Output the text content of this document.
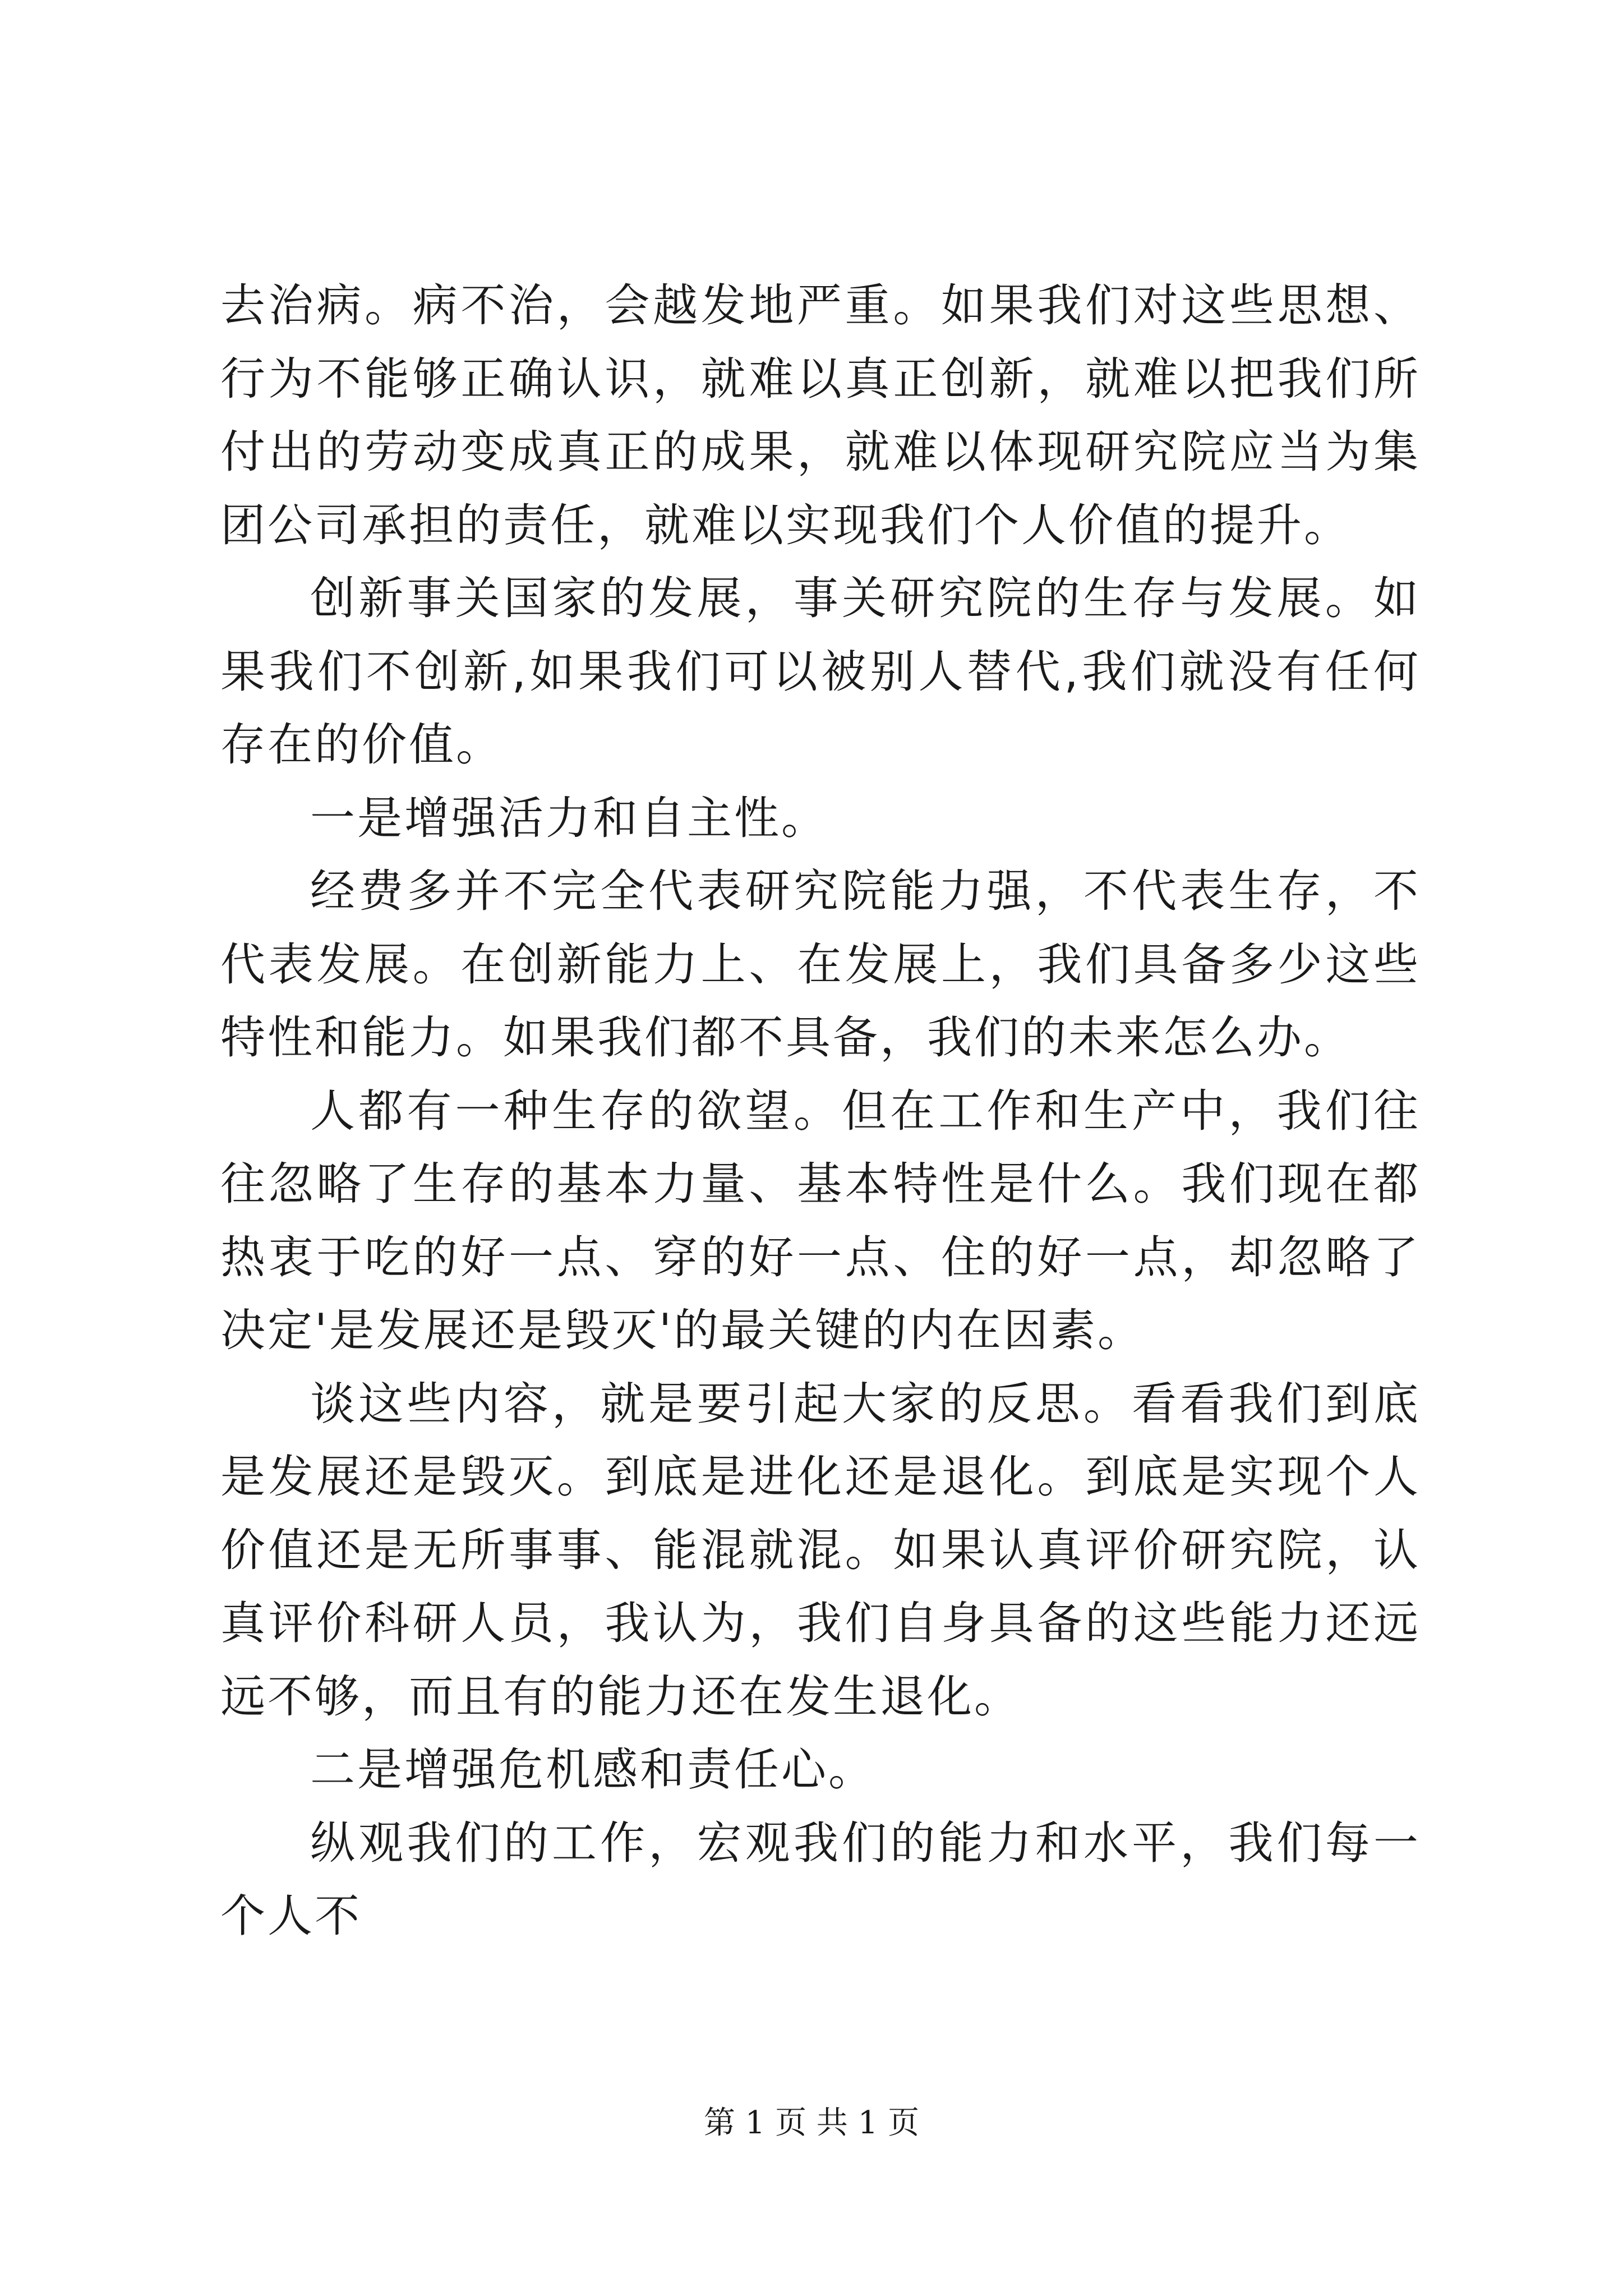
去治病。病不治，会越发地严重。如果我们对这些思想、行为不能够正确认识，就难以真正创新，就难以把我们所付出的劳动变成真正的成果，就难以体现研究院应当为集团公司承担的责任，就难以实现我们个人价值的提升。

创新事关国家的发展，事关研究院的生存与发展。如果我们不创新,如果我们可以被别人替代,我们就没有任何存在的价值。

一是增强活力和自主性。

经费多并不完全代表研究院能力强，不代表生存，不代表发展。在创新能力上、在发展上，我们具备多少这些特性和能力。如果我们都不具备，我们的未来怎么办。

人都有一种生存的欲望。但在工作和生产中，我们往往忽略了生存的基本力量、基本特性是什么。我们现在都热衷于吃的好一点、穿的好一点、住的好一点，却忽略了决定'是发展还是毁灭'的最关键的内在因素。

谈这些内容，就是要引起大家的反思。看看我们到底是发展还是毁灭。到底是进化还是退化。到底是实现个人价值还是无所事事、能混就混。如果认真评价研究院，认真评价科研人员，我认为，我们自身具备的这些能力还远远不够，而且有的能力还在发生退化。

二是增强危机感和责任心。

纵观我们的工作，宏观我们的能力和水平，我们每一个人不

第 1 页 共 1 页
